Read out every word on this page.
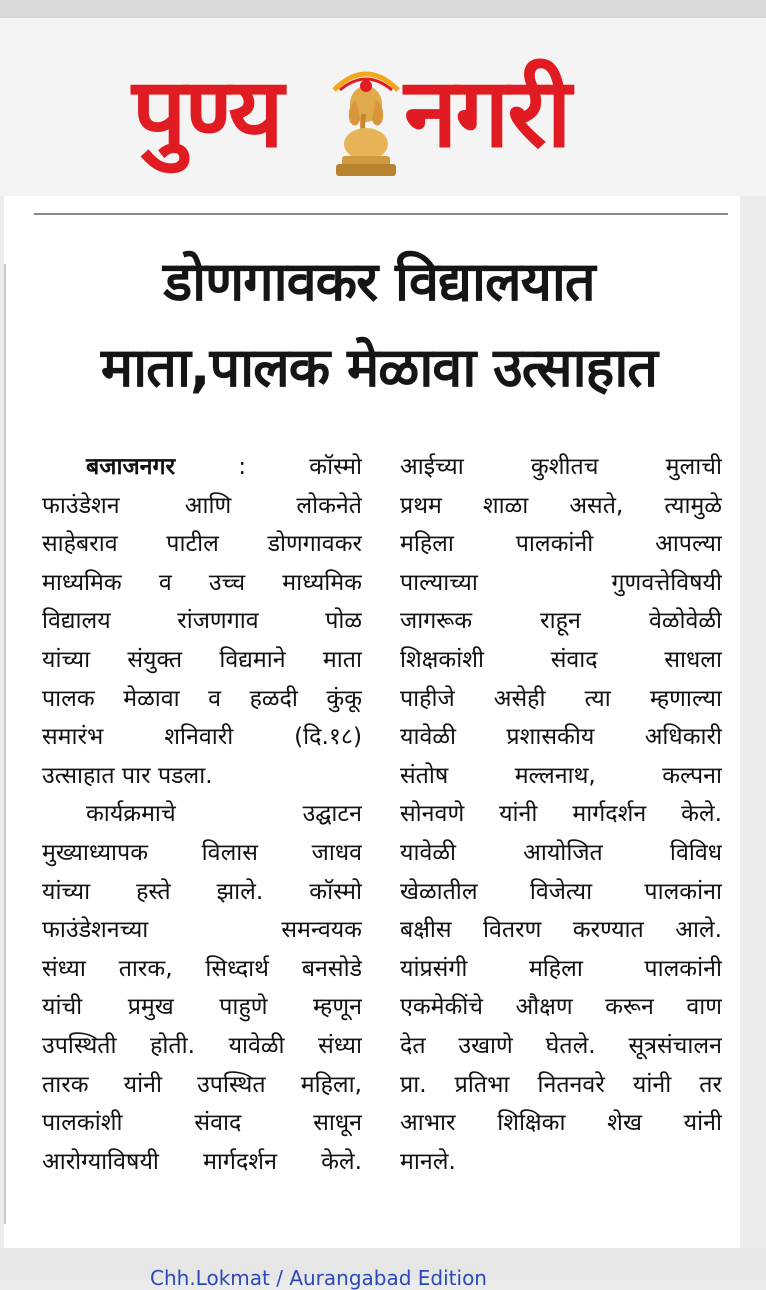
पुण्य नगरी
डोणगावकर विद्यालयात
माता,पालक मेळावा उत्साहात
बजाजनगर : कॉस्मो
फाउंडेशन आणि लोकनेते
साहेबराव पाटील डोणगावकर
माध्यमिक व उच्च माध्यमिक
विद्यालय रांजणगाव पोळ
यांच्या संयुक्त विद्यमाने माता
पालक मेळावा व हळदी कुंकू
समारंभ शनिवारी (दि.१८)
उत्साहात पार पडला.
कार्यक्रमाचे उद्घाटन
मुख्याध्यापक विलास जाधव
यांच्या हस्ते झाले. कॉस्मो
फाउंडेशनच्या समन्वयक
संध्या तारक, सिध्दार्थ बनसोडे
यांची प्रमुख पाहुणे म्हणून
उपस्थिती होती. यावेळी संध्या
तारक यांनी उपस्थित महिला,
पालकांशी संवाद साधून
आरोग्याविषयी मार्गदर्शन केले.
आईच्या कुशीतच मुलाची
प्रथम शाळा असते, त्यामुळे
महिला पालकांनी आपल्या
पाल्याच्या गुणवत्तेविषयी
जागरूक राहून वेळोवेळी
शिक्षकांशी संवाद साधला
पाहीजे असेही त्या म्हणाल्या
यावेळी प्रशासकीय अधिकारी
संतोष मल्लनाथ, कल्पना
सोनवणे यांनी मार्गदर्शन केले.
यावेळी आयोजित विविध
खेळातील विजेत्या पालकांना
बक्षीस वितरण करण्यात आले.
यांप्रसंगी महिला पालकांनी
एकमेकींचे औक्षण करून वाण
देत उखाणे घेतले. सूत्रसंचालन
प्रा. प्रतिभा नितनवरे यांनी तर
आभार शिक्षिका शेख यांनी
मानले.
Chh.Lokmat / Aurangabad Edition
